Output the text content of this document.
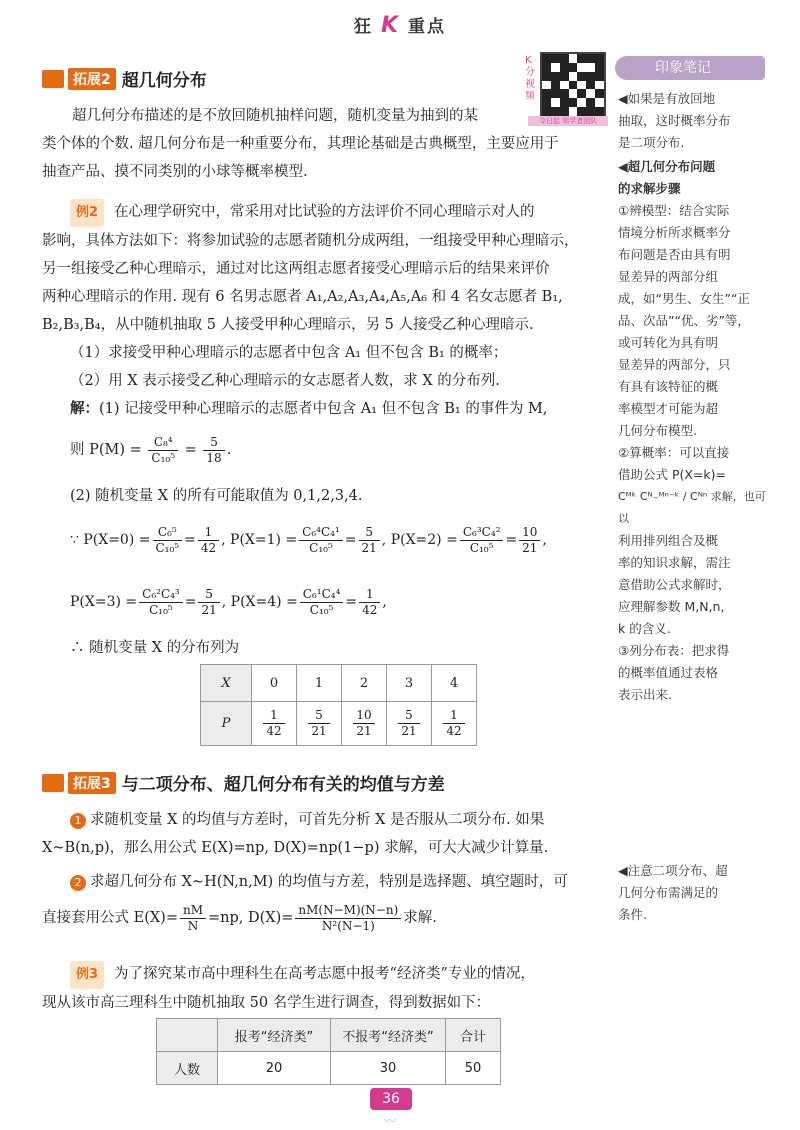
狂 K 重点
K分视频
今日起 领学者团队
印象笔记
拓展2 超几何分布
超几何分布描述的是不放回随机抽样问题，随机变量为抽到的某
类个体的个数. 超几何分布是一种重要分布，其理论基础是古典概型，主要应用于
抽查产品、摸不同类别的小球等概率模型.
例2 在心理学研究中，常采用对比试验的方法评价不同心理暗示对人的
影响，具体方法如下：将参加试验的志愿者随机分成两组，一组接受甲种心理暗示，
另一组接受乙种心理暗示，通过对比这两组志愿者接受心理暗示后的结果来评价
两种心理暗示的作用. 现有 6 名男志愿者 A₁,A₂,A₃,A₄,A₅,A₆ 和 4 名女志愿者 B₁,
B₂,B₃,B₄，从中随机抽取 5 人接受甲种心理暗示，另 5 人接受乙种心理暗示.
（1）求接受甲种心理暗示的志愿者中包含 A₁ 但不包含 B₁ 的概率；
（2）用 X 表示接受乙种心理暗示的女志愿者人数，求 X 的分布列.
解：(1) 记接受甲种心理暗示的志愿者中包含 A₁ 但不包含 B₁ 的事件为 M,
则 $P(M) = \frac{\text{C₈⁴}}{\text{C₁₀⁵}} = \frac{5}{18}$ .
(2) 随机变量 X 的所有可能取值为 0,1,2,3,4.
∵ $P(X=0) = \frac{\text{C₆⁵}}{\text{C₁₀⁵}} = \frac{1}{42}$ , $P(X=1) = \frac{\text{C₆⁴C₄¹}}{\text{C₁₀⁵}} = \frac{5}{21}$ , $P(X=2) = \frac{\text{C₆³C₄²}}{\text{C₁₀⁵}} = \frac{10}{21}$ ,
$P(X=3) = \frac{\text{C₆²C₄³}}{\text{C₁₀⁵}} = \frac{5}{21}$ , $P(X=4) = \frac{\text{C₆¹C₄⁴}}{\text{C₁₀⁵}} = \frac{1}{42}$ ,
∴ 随机变量 X 的分布列为
X	0	1	2	3	4
P	$\frac{1}{42}$	$\frac{5}{21}$	$\frac{10}{21}$	$\frac{5}{21}$	$\frac{1}{42}$
拓展3 与二项分布、超几何分布有关的均值与方差
1 求随机变量 X 的均值与方差时，可首先分析 X 是否服从二项分布. 如果
X~B(n,p)，那么用公式 E(X)=np, D(X)=np(1−p) 求解，可大大减少计算量.
2 求超几何分布 X~H(N,n,M) 的均值与方差，特别是选择题、填空题时，可
直接套用公式 $E(X)= \frac{nM}{N} =np$, $D(X)= \frac{nM(N-M)(N-n)}{\text{N²(N−1)}}$ 求解.
例3 为了探究某市高中理科生在高考志愿中报考“经济类”专业的情况，
现从该市高三理科生中随机抽取 50 名学生进行调查，得到数据如下：
	报考“经济类”	不报考“经济类”	合计
人数	20	30	50
◀如果是有放回地
抽取，这时概率分布
是二项分布.
◀超几何分布问题
的求解步骤
①辨模型：结合实际
情境分析所求概率分
布问题是否由具有明
显差异的两部分组
成，如“男生、女生”“正
品、次品”“优、劣”等，
或可转化为具有明
显差异的两部分，只
有具有该特征的概
率模型才可能为超
几何分布模型.
②算概率：可以直接
借助公式 P(X=k)=
Cᴹᵏ Cᴺ₋ᴹⁿ⁻ᵏ / Cᴺⁿ 求解，也可以
利用排列组合及概
率的知识求解，需注
意借助公式求解时，
应理解参数 M,N,n,
k 的含义.
③列分布表：把求得
的概率值通过表格
表示出来.
◀注意二项分布、超
几何分布需满足的
条件.
36
〰
